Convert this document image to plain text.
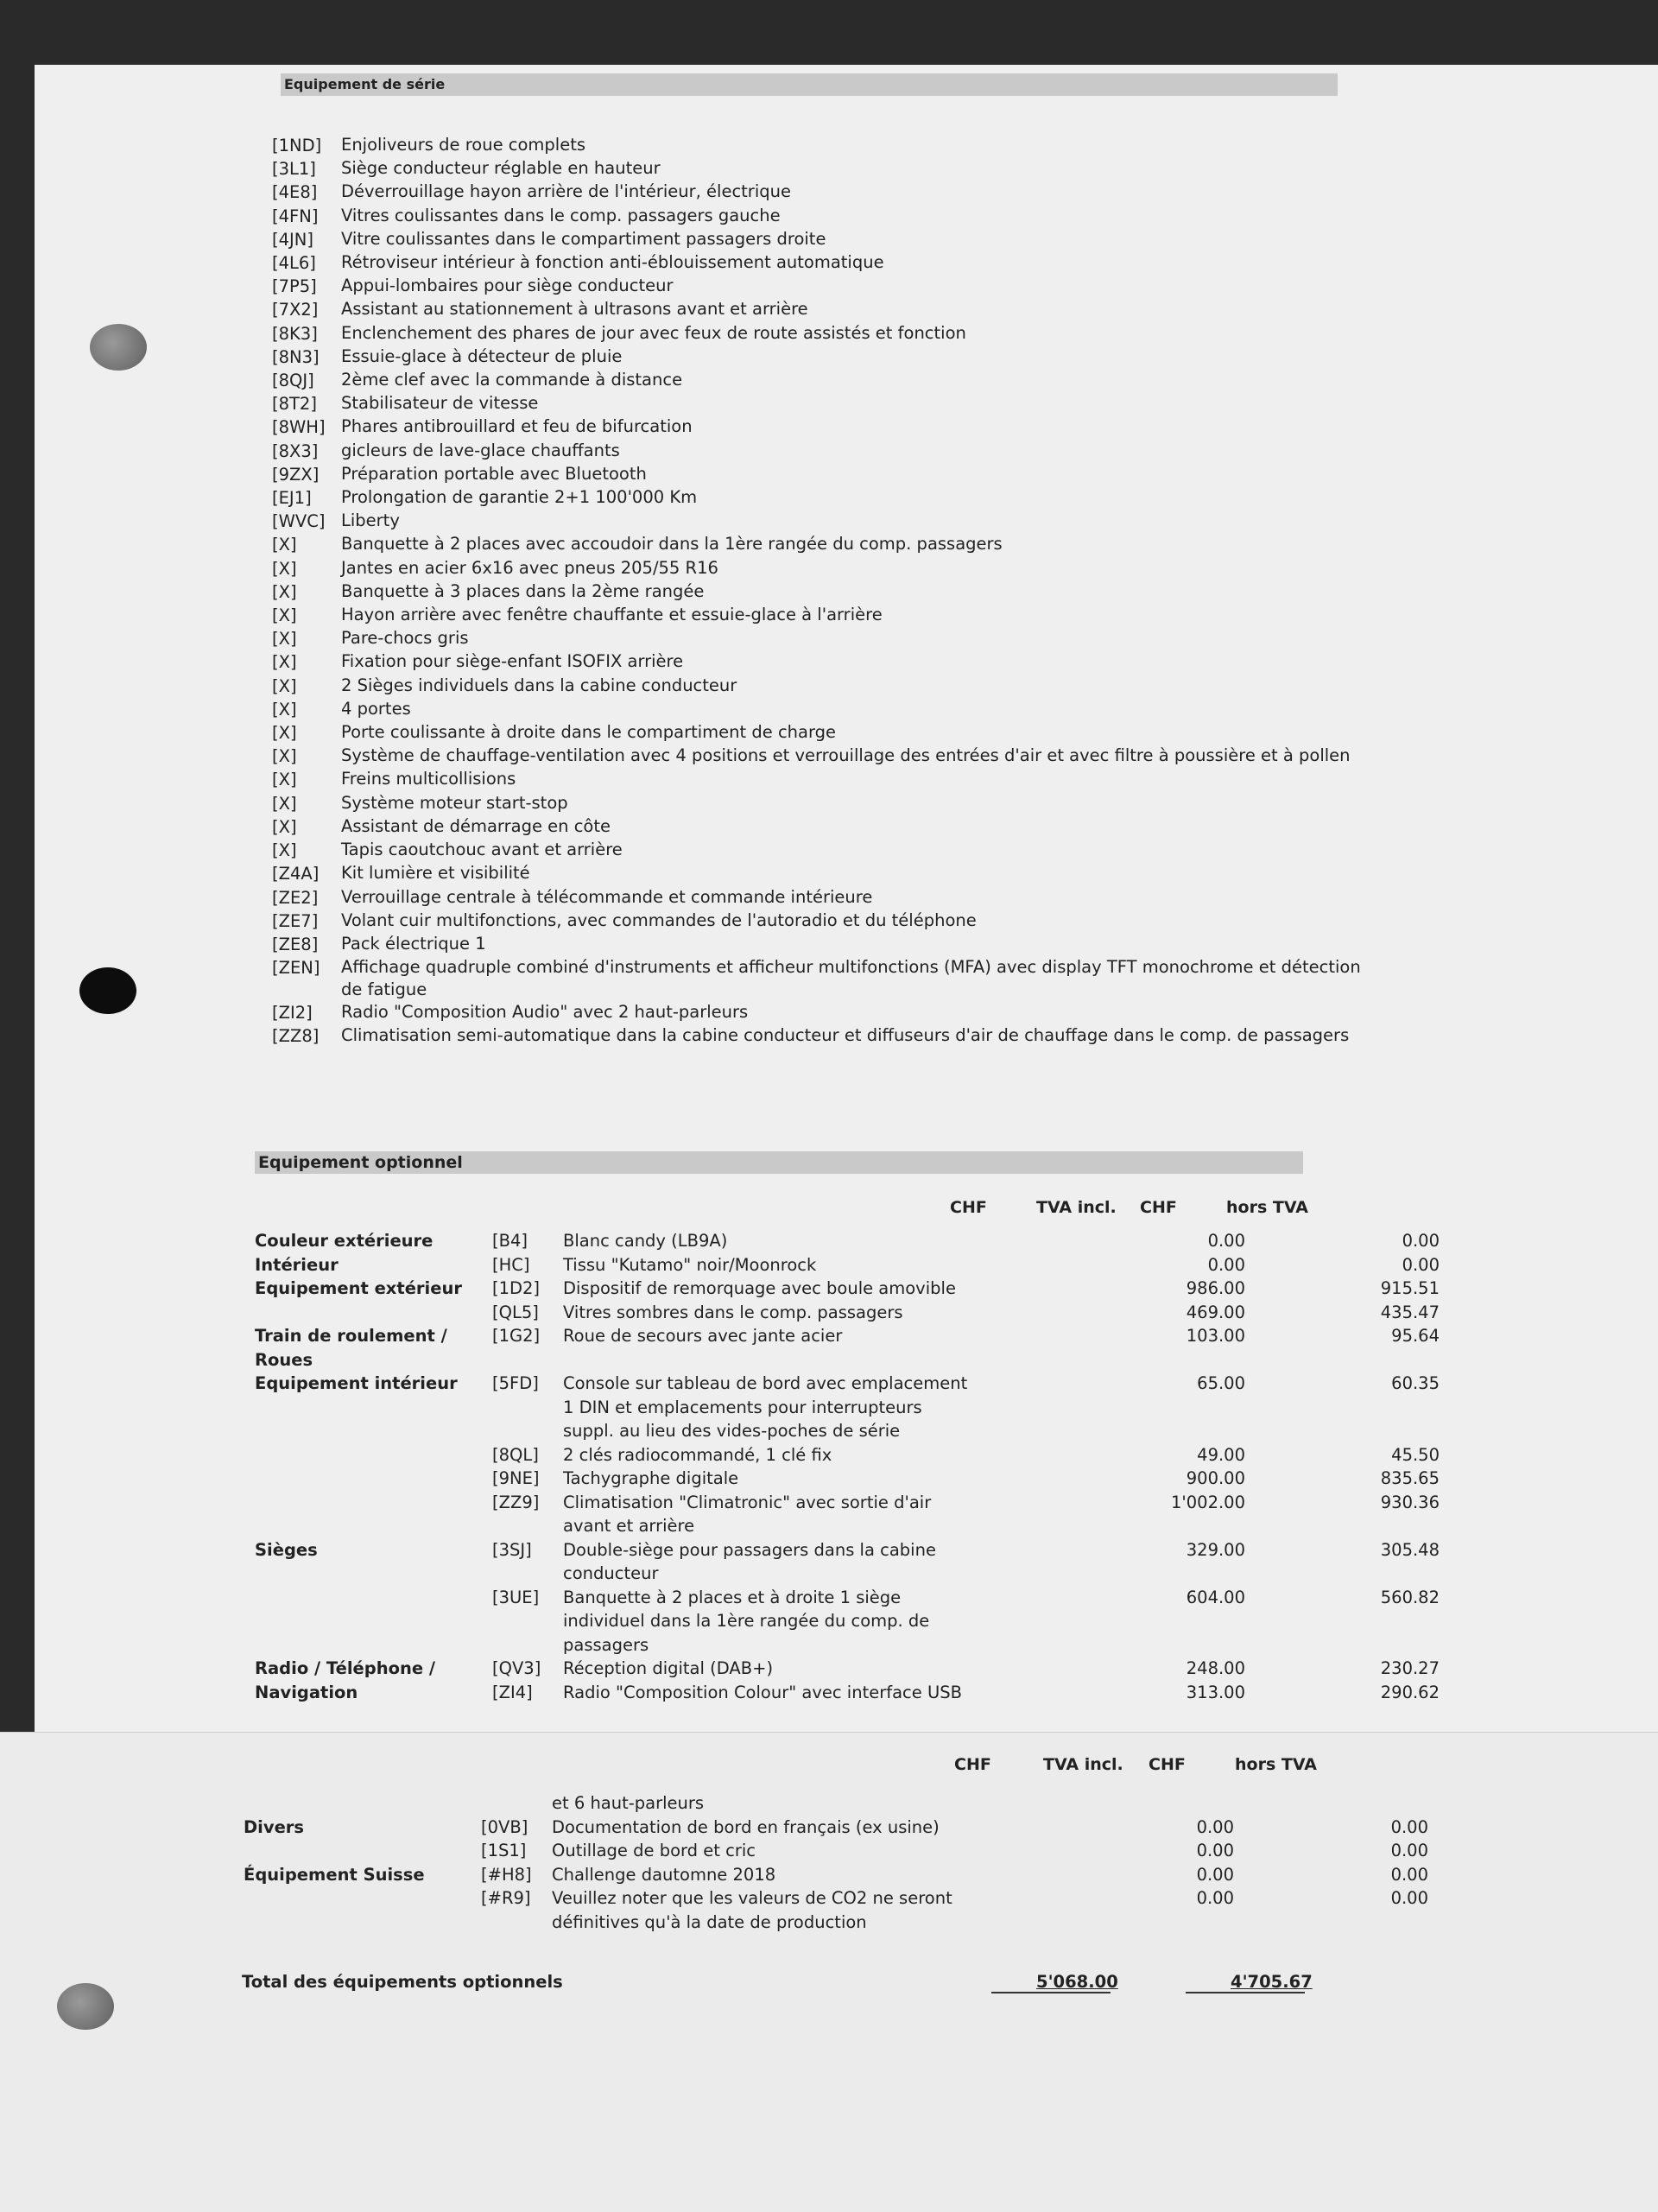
Equipement de série
[1ND]	Enjoliveurs de roue complets
[3L1]	Siège conducteur réglable en hauteur
[4E8]	Déverrouillage hayon arrière de l'intérieur, électrique
[4FN]	Vitres coulissantes dans le comp. passagers gauche
[4JN]	Vitre coulissantes dans le compartiment passagers droite
[4L6]	Rétroviseur intérieur à fonction anti-éblouissement automatique
[7P5]	Appui-lombaires pour siège conducteur
[7X2]	Assistant au stationnement à ultrasons avant et arrière
[8K3]	Enclenchement des phares de jour avec feux de route assistés et fonction
[8N3]	Essuie-glace à détecteur de pluie
[8QJ]	2ème clef avec la commande à distance
[8T2]	Stabilisateur de vitesse
[8WH] Phares antibrouillard et feu de bifurcation
[8X3]	gicleurs de lave-glace chauffants
[9ZX]	Préparation portable avec Bluetooth
[EJ1]	Prolongation de garantie 2+1 100'000 Km
[WVC] Liberty
[X]	Banquette à 2 places avec accoudoir dans la 1ère rangée du comp. passagers
[X]	Jantes en acier 6x16 avec pneus 205/55 R16
[X]	Banquette à 3 places dans la 2ème rangée
[X]	Hayon arrière avec fenêtre chauffante et essuie-glace à l'arrière
[X]	Pare-chocs gris
[X]	Fixation pour siège-enfant ISOFIX arrière
[X]	2 Sièges individuels dans la cabine conducteur
[X]	4 portes
[X]	Porte coulissante à droite dans le compartiment de charge
[X]	Système de chauffage-ventilation avec 4 positions et verrouillage des entrées d'air et avec filtre à poussière et à pollen
[X]	Freins multicollisions
[X]	Système moteur start-stop
[X]	Assistant de démarrage en côte
[X]	Tapis caoutchouc avant et arrière
[Z4A]	Kit lumière et visibilité
[ZE2]	Verrouillage centrale à télécommande et commande intérieure
[ZE7]	Volant cuir multifonctions, avec commandes de l'autoradio et du téléphone
[ZE8]	Pack électrique 1
[ZEN]	Affichage quadruple combiné d'instruments et afficheur multifonctions (MFA) avec display TFT monochrome et détection de fatigue
[ZI2]	Radio "Composition Audio" avec 2 haut-parleurs
[ZZ8]	Climatisation semi-automatique dans la cabine conducteur et diffuseurs d'air de chauffage dans le comp. de passagers
Equipement optionnel
CHF	TVA incl. CHF	hors TVA
Couleur extérieure	[B4]	Blanc candy (LB9A)	0.00	0.00
Intérieur	[HC]	Tissu "Kutamo" noir/Moonrock	0.00	0.00
Equipement extérieur	[1D2]	Dispositif de remorquage avec boule amovible	986.00	915.51
	[QL5]	Vitres sombres dans le comp. passagers	469.00	435.47
Train de roulement / Roues	[1G2]	Roue de secours avec jante acier	103.00	95.64
Equipement intérieur	[5FD]	Console sur tableau de bord avec emplacement 1 DIN et emplacements pour interrupteurs suppl. au lieu des vides-poches de série	65.00	60.35
	[8QL]	2 clés radiocommandé, 1 clé fix	49.00	45.50
	[9NE]	Tachygraphe digitale	900.00	835.65
	[ZZ9]	Climatisation "Climatronic" avec sortie d'air avant et arrière	1'002.00	930.36
Sièges	[3SJ]	Double-siège pour passagers dans la cabine conducteur	329.00	305.48
	[3UE]	Banquette à 2 places et à droite 1 siège individuel dans la 1ère rangée du comp. de passagers	604.00	560.82
Radio / Téléphone /	[QV3]	Réception digital (DAB+)	248.00	230.27
Navigation	[ZI4]	Radio "Composition Colour" avec interface USB	313.00	290.62
CHF	TVA incl. CHF	hors TVA
		et 6 haut-parleurs		
Divers	[0VB]	Documentation de bord en français (ex usine)	0.00	0.00
	[1S1]	Outillage de bord et cric	0.00	0.00
Équipement Suisse	[#H8]	Challenge dautomne 2018	0.00	0.00
	[#R9]	Veuillez noter que les valeurs de CO2 ne seront définitives qu'à la date de production	0.00	0.00
Total des équipements optionnels	5'068.00	4'705.67
